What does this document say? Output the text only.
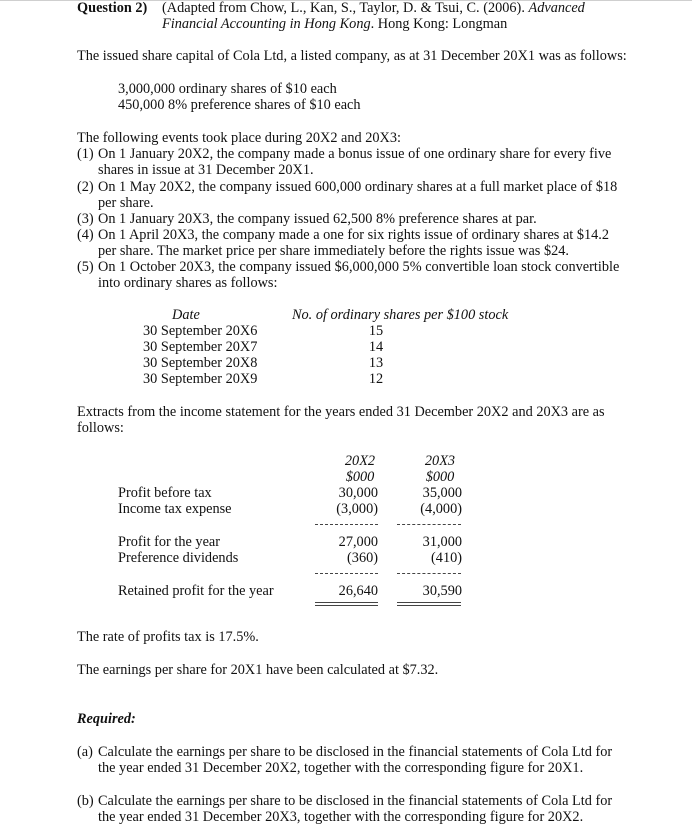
Question 2) (Adapted from Chow, L., Kan, S., Taylor, D. & Tsui, C. (2006). Advanced
Financial Accounting in Hong Kong. Hong Kong: Longman
The issued share capital of Cola Ltd, a listed company, as at 31 December 20X1 was as follows:
3,000,000 ordinary shares of $10 each
450,000 8% preference shares of $10 each
The following events took place during 20X2 and 20X3:
(1) On 1 January 20X2, the company made a bonus issue of one ordinary share for every five
shares in issue at 31 December 20X1.
(2) On 1 May 20X2, the company issued 600,000 ordinary shares at a full market place of $18
per share.
(3) On 1 January 20X3, the company issued 62,500 8% preference shares at par.
(4) On 1 April 20X3, the company made a one for six rights issue of ordinary shares at $14.2
per share. The market price per share immediately before the rights issue was $24.
(5) On 1 October 20X3, the company issued $6,000,000 5% convertible loan stock convertible
into ordinary shares as follows:
Date	No. of ordinary shares per $100 stock
30 September 20X6	15
30 September 20X7	14
30 September 20X8	13
30 September 20X9	12
Extracts from the income statement for the years ended 31 December 20X2 and 20X3 are as
follows:
20X2	20X3
$000	$000
Profit before tax	30,000	35,000
Income tax expense	(3,000)	(4,000)
Profit for the year	27,000	31,000
Preference dividends	(360)	(410)
Retained profit for the year	26,640	30,590
The rate of profits tax is 17.5%.
The earnings per share for 20X1 have been calculated at $7.32.
Required:
(a) Calculate the earnings per share to be disclosed in the financial statements of Cola Ltd for
the year ended 31 December 20X2, together with the corresponding figure for 20X1.
(b) Calculate the earnings per share to be disclosed in the financial statements of Cola Ltd for
the year ended 31 December 20X3, together with the corresponding figure for 20X2.
